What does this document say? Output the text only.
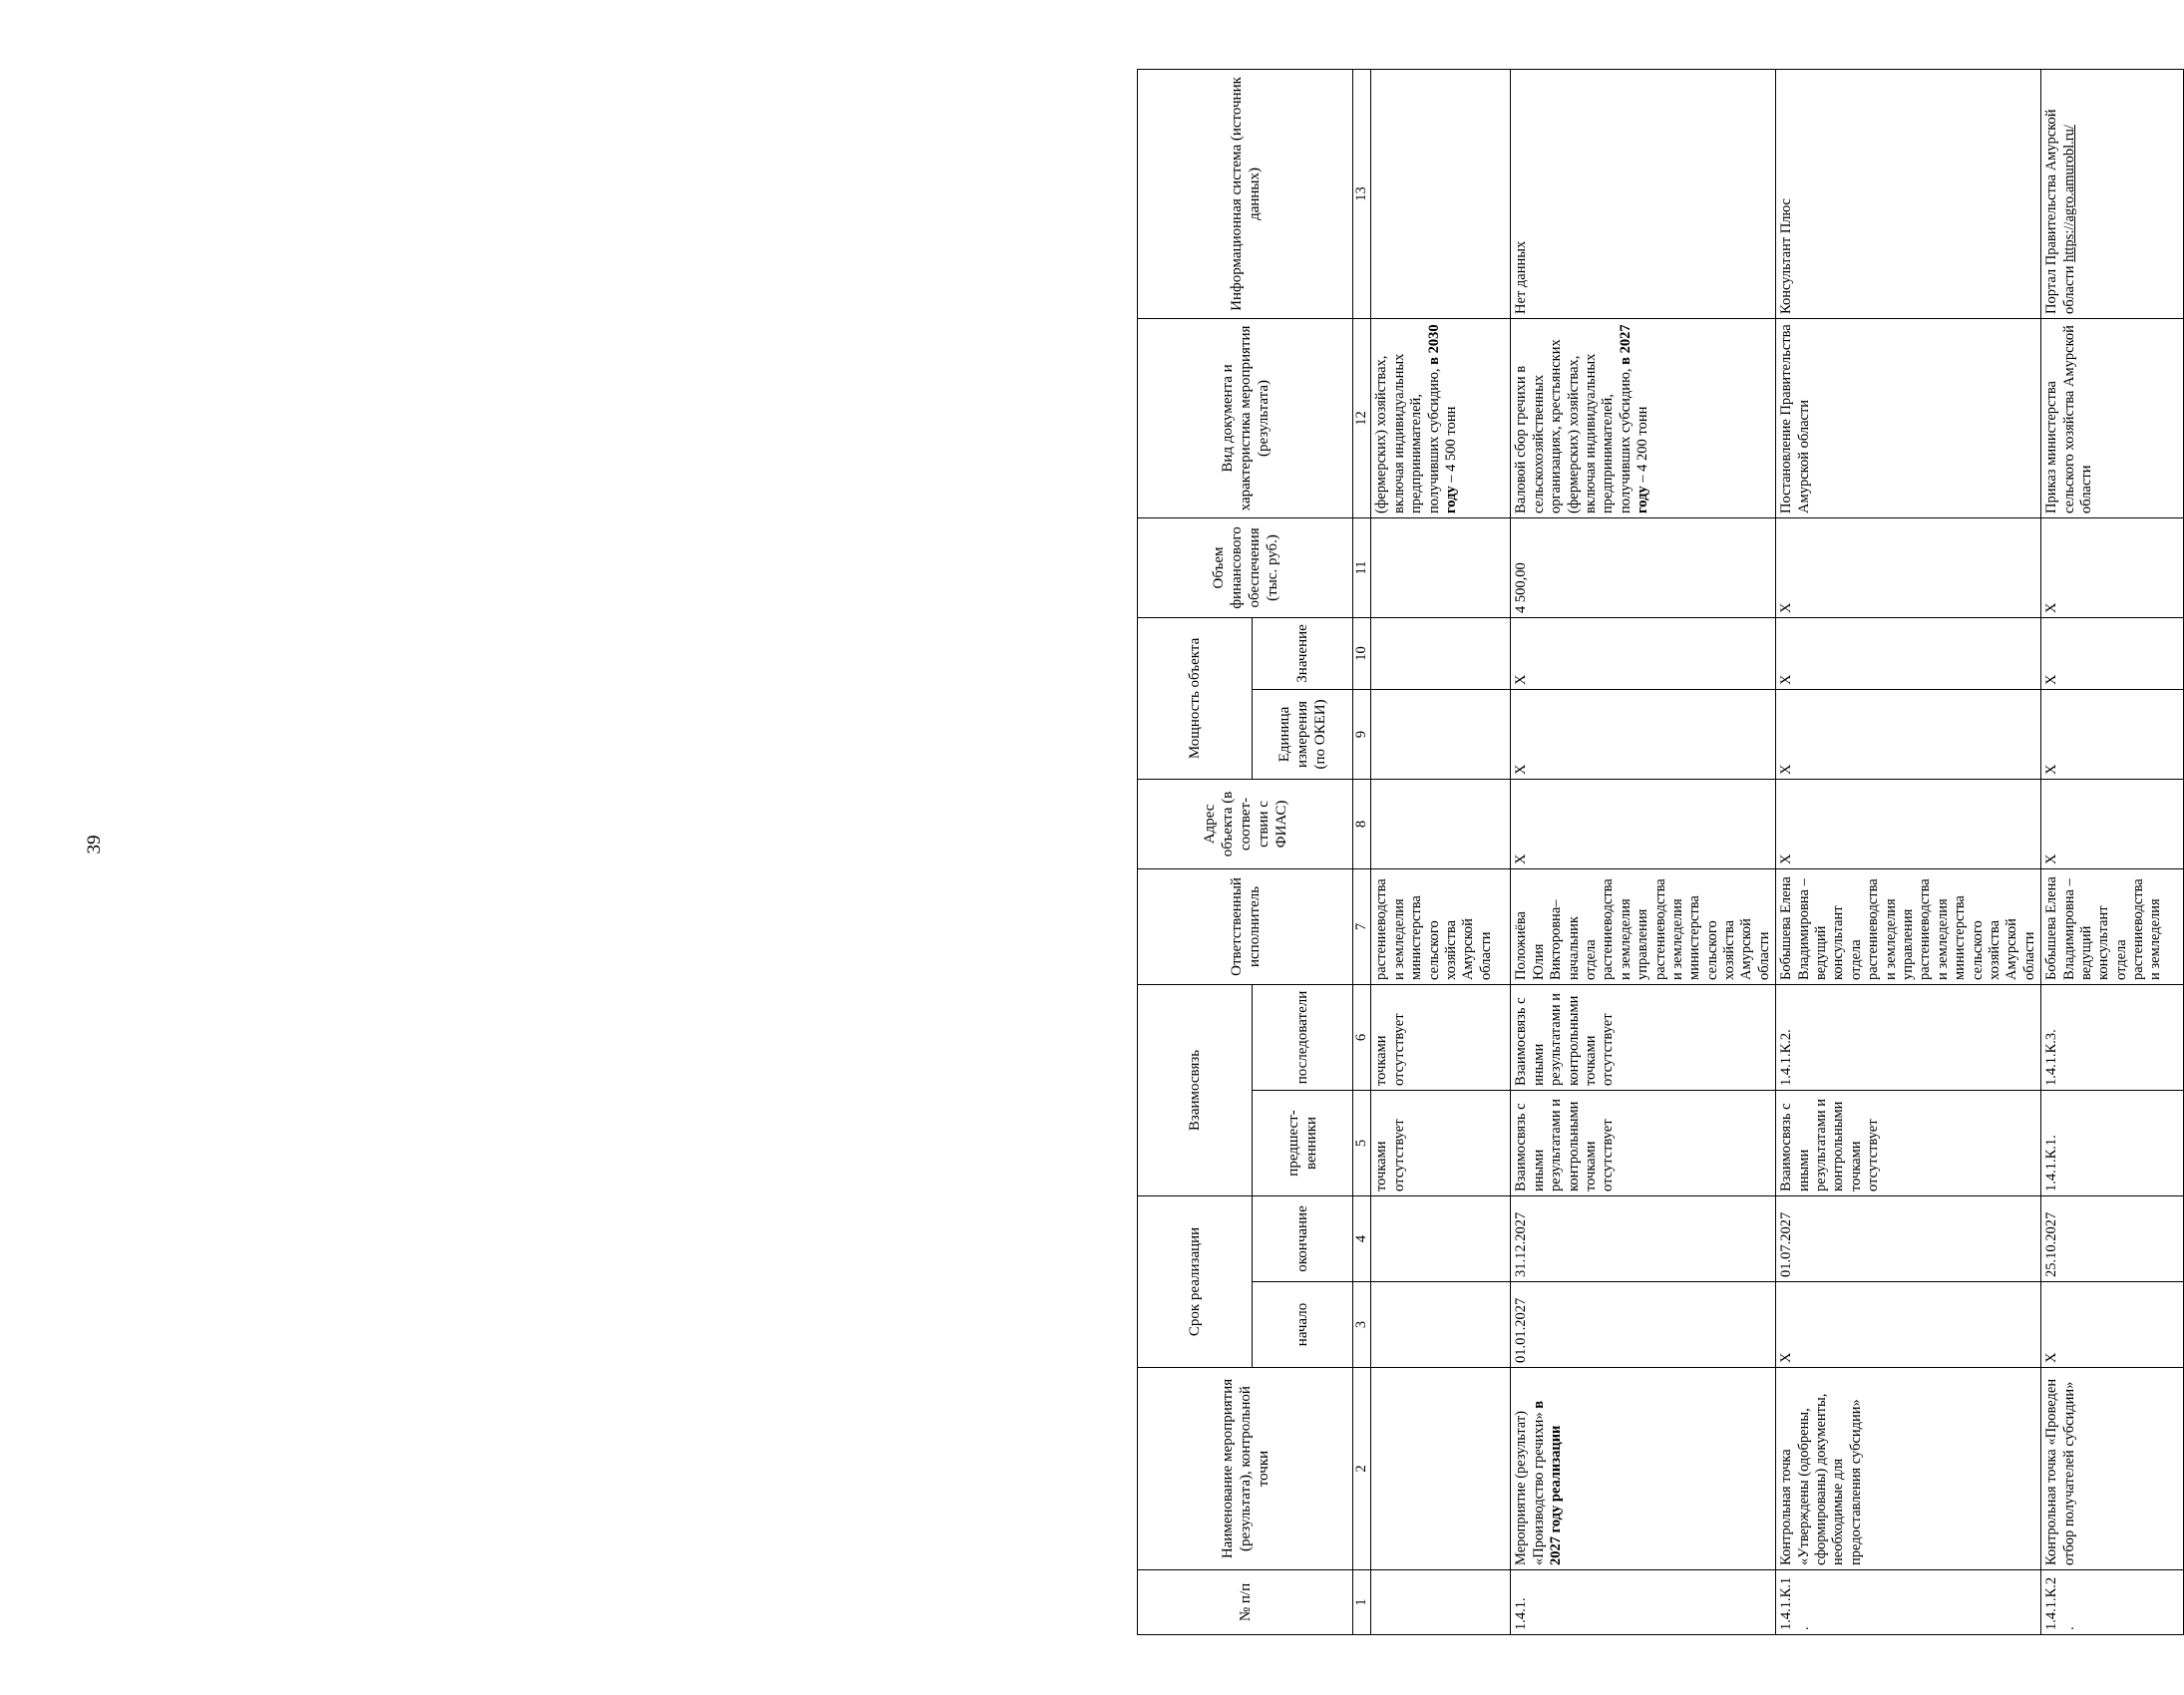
39
№ п/п	Наименование мероприятия (результата), контрольной точки	Срок реализации		Взаимосвязь		Ответственный исполнитель	Адрес объекта (в соответ-ствии с ФИАС)	Мощность объекта		Объем финансового обеспечения (тыс. руб.)	Вид документа и характеристика мероприятия (результата)	Информационная система (источник данных)
		начало	окончание	предшест-венники	последователи			Единица измерения (по ОКЕИ)	Значение			
1	2	3	4	5	6	7	8	9	10	11	12	13
				точками отсутствует	точками отсутствует	растениеводства и земледелия министерства сельского хозяйства Амурской области					(фермерских) хозяйствах, включая индивидуальных предпринимателей, получивших субсидию, в 2030 году – 4 500 тонн	
1.4.1.	Мероприятие (результат) «Производство гречихи» в 2027 году реализации	01.01.2027	31.12.2027	Взаимосвязь с иными результатами и контрольными точками отсутствует	Взаимосвязь с иными результатами и контрольными точками отсутствует	Положиёва Юлия Викторовна– начальник отдела растениеводства и земледелия управления растениеводства и земледелия министерства сельского хозяйства Амурской области	X	X	X	4 500,00	Валовой сбор гречихи в сельскохозяйственных организациях, крестьянских (фермерских) хозяйствах, включая индивидуальных предпринимателей, получивших субсидию, в 2027 году – 4 200 тонн	Нет данных
1.4.1.К.1.	Контрольная точка «Утверждены (одобрены, сформированы) документы, необходимые для предоставления субсидии»	X	01.07.2027	Взаимосвязь с иными результатами и контрольными точками отсутствует	1.4.1.К.2.	Бобышева Елена Владимировна – ведущий консультант отдела растениеводства и земледелия управления растениеводства и земледелия министерства сельского хозяйства Амурской области	X	X	X	X	Постановление Правительства Амурской области	Консультант Плюс
1.4.1.К.2.	Контрольная точка «Проведен отбор получателей субсидии»	X	25.10.2027	1.4.1.К.1.	1.4.1.К.3.	Бобышева Елена Владимировна – ведущий консультант отдела растениеводства и земледелия	X	X	X	X	Приказ министерства сельского хозяйства Амурской области	Портал Правительства Амурской области https://agro.amurobl.ru/
